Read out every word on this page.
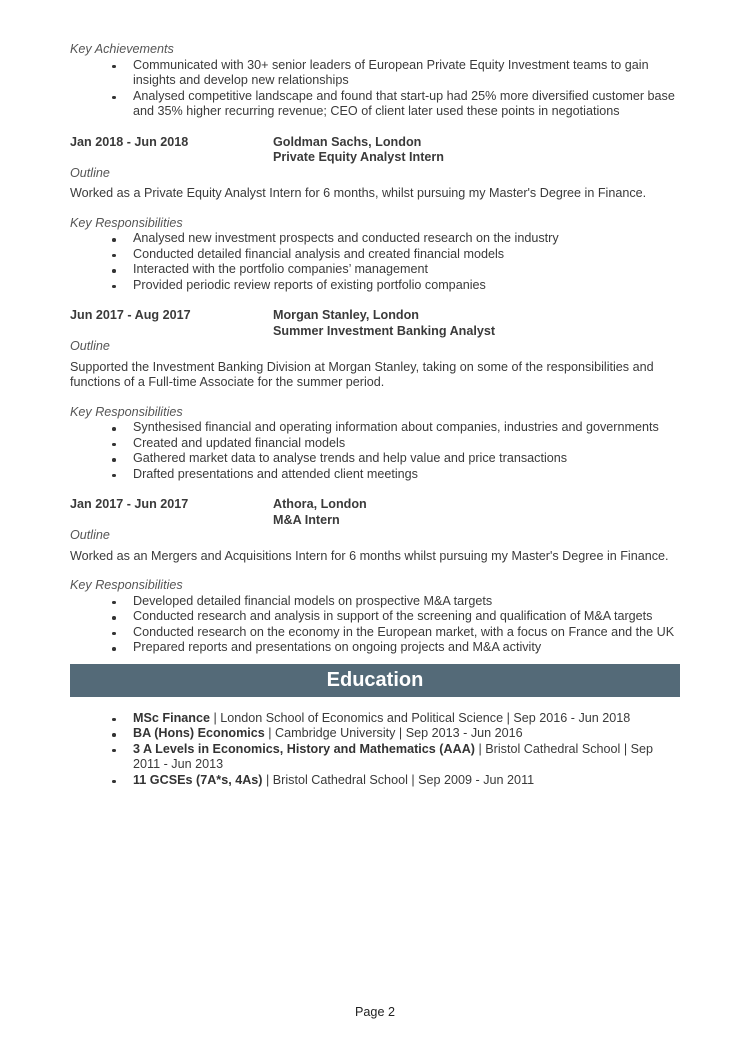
Key Achievements
Communicated with 30+ senior leaders of European Private Equity Investment teams to gain insights and develop new relationships
Analysed competitive landscape and found that start-up had 25% more diversified customer base and 35% higher recurring revenue; CEO of client later used these points in negotiations
Jan 2018 - Jun 2018	Goldman Sachs, London
Private Equity Analyst Intern
Outline

Worked as a Private Equity Analyst Intern for 6 months, whilst pursuing my Master's Degree in Finance.

Key Responsibilities
Analysed new investment prospects and conducted research on the industry
Conducted detailed financial analysis and created financial models
Interacted with the portfolio companies’ management
Provided periodic review reports of existing portfolio companies
Jun 2017 - Aug 2017	Morgan Stanley, London
Summer Investment Banking Analyst
Outline

Supported the Investment Banking Division at Morgan Stanley, taking on some of the responsibilities and functions of a Full-time Associate for the summer period.

Key Responsibilities
Synthesised financial and operating information about companies, industries and governments
Created and updated financial models
Gathered market data to analyse trends and help value and price transactions
Drafted presentations and attended client meetings
Jan 2017 - Jun 2017	Athora, London
M&A Intern
Outline

Worked as an Mergers and Acquisitions Intern for 6 months whilst pursuing my Master's Degree in Finance.

Key Responsibilities
Developed detailed financial models on prospective M&A targets
Conducted research and analysis in support of the screening and qualification of M&A targets
Conducted research on the economy in the European market, with a focus on France and the UK
Prepared reports and presentations on ongoing projects and M&A activity
Education
MSc Finance | London School of Economics and Political Science | Sep 2016 - Jun 2018
BA (Hons) Economics | Cambridge University | Sep 2013 - Jun 2016
3 A Levels in Economics, History and Mathematics (AAA) | Bristol Cathedral School | Sep 2011 - Jun 2013
11 GCSEs (7A*s, 4As) | Bristol Cathedral School | Sep 2009 - Jun 2011
Page 2
